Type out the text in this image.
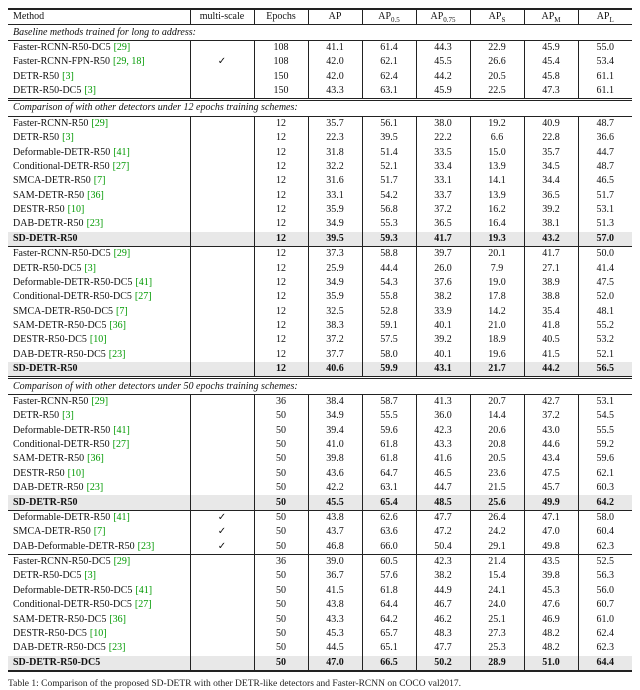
Method	multi-scale	Epochs	AP	$AP_{0.5}$	$AP_{0.75}$	$AP_S$	$AP_M$	$AP_L$
Baseline methods trained for long to address:								
Faster-RCNN-R50-DC5 [29]		108	41.1	61.4	44.3	22.9	45.9	55.0
Faster-RCNN-FPN-R50 [29, 18]	✓	108	42.0	62.1	45.5	26.6	45.4	53.4
DETR-R50 [3]		150	42.0	62.4	44.2	20.5	45.8	61.1
DETR-R50-DC5 [3]		150	43.3	63.1	45.9	22.5	47.3	61.1
Comparison of with other detectors under 12 epochs training schemes:								
Faster-RCNN-R50 [29]		12	35.7	56.1	38.0	19.2	40.9	48.7
DETR-R50 [3]		12	22.3	39.5	22.2	6.6	22.8	36.6
Deformable-DETR-R50 [41]		12	31.8	51.4	33.5	15.0	35.7	44.7
Conditional-DETR-R50 [27]		12	32.2	52.1	33.4	13.9	34.5	48.7
SMCA-DETR-R50 [7]		12	31.6	51.7	33.1	14.1	34.4	46.5
SAM-DETR-R50 [36]		12	33.1	54.2	33.7	13.9	36.5	51.7
DESTR-R50 [10]		12	35.9	56.8	37.2	16.2	39.2	53.1
DAB-DETR-R50 [23]		12	34.9	55.3	36.5	16.4	38.1	51.3
SD-DETR-R50		12	39.5	59.3	41.7	19.3	43.2	57.0
Faster-RCNN-R50-DC5 [29]		12	37.3	58.8	39.7	20.1	41.7	50.0
DETR-R50-DC5 [3]		12	25.9	44.4	26.0	7.9	27.1	41.4
Deformable-DETR-R50-DC5 [41]		12	34.9	54.3	37.6	19.0	38.9	47.5
Conditional-DETR-R50-DC5 [27]		12	35.9	55.8	38.2	17.8	38.8	52.0
SMCA-DETR-R50-DC5 [7]		12	32.5	52.8	33.9	14.2	35.4	48.1
SAM-DETR-R50-DC5 [36]		12	38.3	59.1	40.1	21.0	41.8	55.2
DESTR-R50-DC5 [10]		12	37.2	57.5	39.2	18.9	40.5	53.2
DAB-DETR-R50-DC5 [23]		12	37.7	58.0	40.1	19.6	41.5	52.1
SD-DETR-R50		12	40.6	59.9	43.1	21.7	44.2	56.5
Comparison of with other detectors under 50 epochs training schemes:								
Faster-RCNN-R50 [29]		36	38.4	58.7	41.3	20.7	42.7	53.1
DETR-R50 [3]		50	34.9	55.5	36.0	14.4	37.2	54.5
Deformable-DETR-R50 [41]		50	39.4	59.6	42.3	20.6	43.0	55.5
Conditional-DETR-R50 [27]		50	41.0	61.8	43.3	20.8	44.6	59.2
SAM-DETR-R50 [36]		50	39.8	61.8	41.6	20.5	43.4	59.6
DESTR-R50 [10]		50	43.6	64.7	46.5	23.6	47.5	62.1
DAB-DETR-R50 [23]		50	42.2	63.1	44.7	21.5	45.7	60.3
SD-DETR-R50		50	45.5	65.4	48.5	25.6	49.9	64.2
Deformable-DETR-R50 [41]	✓	50	43.8	62.6	47.7	26.4	47.1	58.0
SMCA-DETR-R50 [7]	✓	50	43.7	63.6	47.2	24.2	47.0	60.4
DAB-Deformable-DETR-R50 [23]	✓	50	46.8	66.0	50.4	29.1	49.8	62.3
Faster-RCNN-R50-DC5 [29]		36	39.0	60.5	42.3	21.4	43.5	52.5
DETR-R50-DC5 [3]		50	36.7	57.6	38.2	15.4	39.8	56.3
Deformable-DETR-R50-DC5 [41]		50	41.5	61.8	44.9	24.1	45.3	56.0
Conditional-DETR-R50-DC5 [27]		50	43.8	64.4	46.7	24.0	47.6	60.7
SAM-DETR-R50-DC5 [36]		50	43.3	64.2	46.2	25.1	46.9	61.0
DESTR-R50-DC5 [10]		50	45.3	65.7	48.3	27.3	48.2	62.4
DAB-DETR-R50-DC5 [23]		50	44.5	65.1	47.7	25.3	48.2	62.3
SD-DETR-R50-DC5		50	47.0	66.5	50.2	28.9	51.0	64.4
Table 1: Comparison of the proposed SD-DETR with other DETR-like detectors and Faster-RCNN on COCO val2017.
